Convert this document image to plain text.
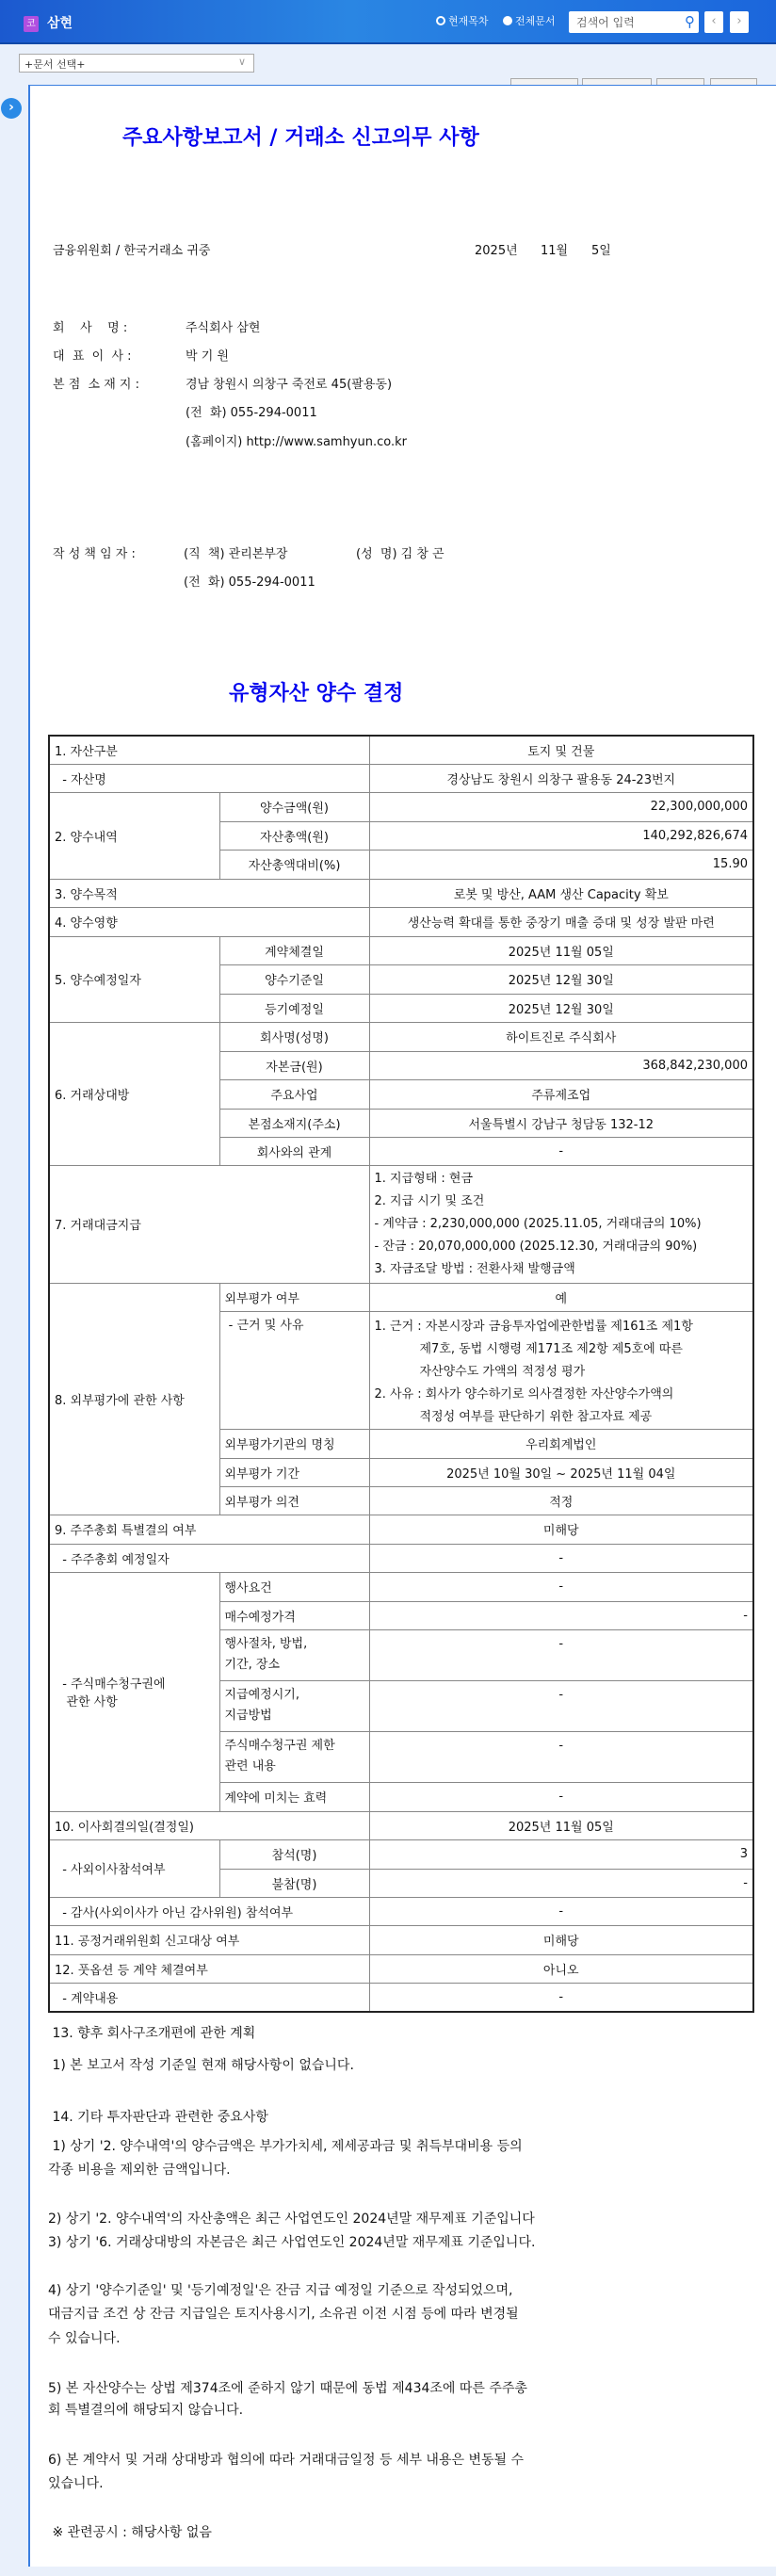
코 삼현	현재목차	전체문서 검색어 입력	⚲	‹	›
+문서 선택+	∨
›
주요사항보고서 / 거래소 신고의무 사항
금융위원회 / 한국거래소 귀중	2025년 11월 5일
회    사    명 :	주식회사 삼현
대  표  이  사 :	박 기 원
본 점  소 재 지 :	경남 창원시 의창구 죽전로 45(팔용동)
(전  화) 055-294-0011
(홈페이지) http://www.samhyun.co.kr
작 성 책 임 자 :	(직  책) 관리본부장	(성  명) 김 창 곤
(전  화) 055-294-0011
유형자산 양수 결정
1. 자산구분		토지 및 건물

- 자산명		경상남도 창원시 의창구 팔용동 24-23번지

2. 양수내역	양수금액(원)	22,300,000,000

	자산총액(원)	140,292,826,674

	자산총액대비(%)	15.90

3. 양수목적		로봇 및 방산, AAM 생산 Capacity 확보

4. 양수영향		생산능력 확대를 통한 중장기 매출 증대 및 성장 발판 마련

5. 양수예정일자	계약체결일	2025년 11월 05일

	양수기준일	2025년 12월 30일

	등기예정일	2025년 12월 30일

6. 거래상대방	회사명(성명)	하이트진로 주식회사

	자본금(원)	368,842,230,000

	주요사업	주류제조업

	본점소재지(주소)	서울특별시 강남구 청담동 132-12

	회사와의 관계	-

7. 거래대금지급		1. 지급형태 : 현금
2. 지급 시기 및 조건
- 계약금 : 2,230,000,000 (2025.11.05, 거래대금의 10%)
- 잔금 : 20,070,000,000 (2025.12.30, 거래대금의 90%)
3. 자금조달 방법 : 전환사채 발행금액

8. 외부평가에 관한 사항	외부평가 여부	예

	- 근거 및 사유	1. 근거 : 자본시장과 금융투자업에관한법률 제161조 제1항
제7호, 동법 시행령 제171조 제2항 제5호에 따른
자산양수도 가액의 적정성 평가
2. 사유 : 회사가 양수하기로 의사결정한 자산양수가액의
적정성 여부를 판단하기 위한 참고자료 제공

	외부평가기관의 명칭	우리회계법인

	외부평가 기간	2025년 10월 30일 ~ 2025년 11월 04일

	외부평가 의견	적정

9. 주주총회 특별결의 여부		미해당

- 주주총회 예정일자		-

- 주식매수청구권에
관한 사항	행사요건	-

	매수예정가격	-

	행사절차, 방법,
기간, 장소	-

	지급예정시기,
지급방법	-

	주식매수청구권 제한
관련 내용	-

	계약에 미치는 효력	-

10. 이사회결의일(결정일)		2025년 11월 05일

- 사외이사참석여부	참석(명)	3

	불참(명)	-

- 감사(사외이사가 아닌 감사위원) 참석여부		-

11. 공정거래위원회 신고대상 여부		미해당

12. 풋옵션 등 계약 체결여부		아니오

- 계약내용		-
13. 향후 회사구조개편에 관한 계획
1) 본 보고서 작성 기준일 현재 해당사항이 없습니다.
14. 기타 투자판단과 관련한 중요사항
1) 상기 '2. 양수내역'의 양수금액은 부가가치세, 제세공과금 및 취득부대비용 등의
각종 비용을 제외한 금액입니다.
2) 상기 '2. 양수내역'의 자산총액은 최근 사업연도인 2024년말 재무제표 기준입니다
3) 상기 '6. 거래상대방의 자본금은 최근 사업연도인 2024년말 재무제표 기준입니다.
4) 상기 '양수기준일' 및 '등기예정일'은 잔금 지급 예정일 기준으로 작성되었으며,
대금지급 조건 상 잔금 지급일은 토지사용시기, 소유권 이전 시점 등에 따라 변경될
수 있습니다.
5) 본 자산양수는 상법 제374조에 준하지 않기 때문에 동법 제434조에 따른 주주총
회 특별결의에 해당되지 않습니다.
6) 본 계약서 및 거래 상대방과 협의에 따라 거래대금일정 등 세부 내용은 변동될 수
있습니다.
※ 관련공시 : 해당사항 없음
